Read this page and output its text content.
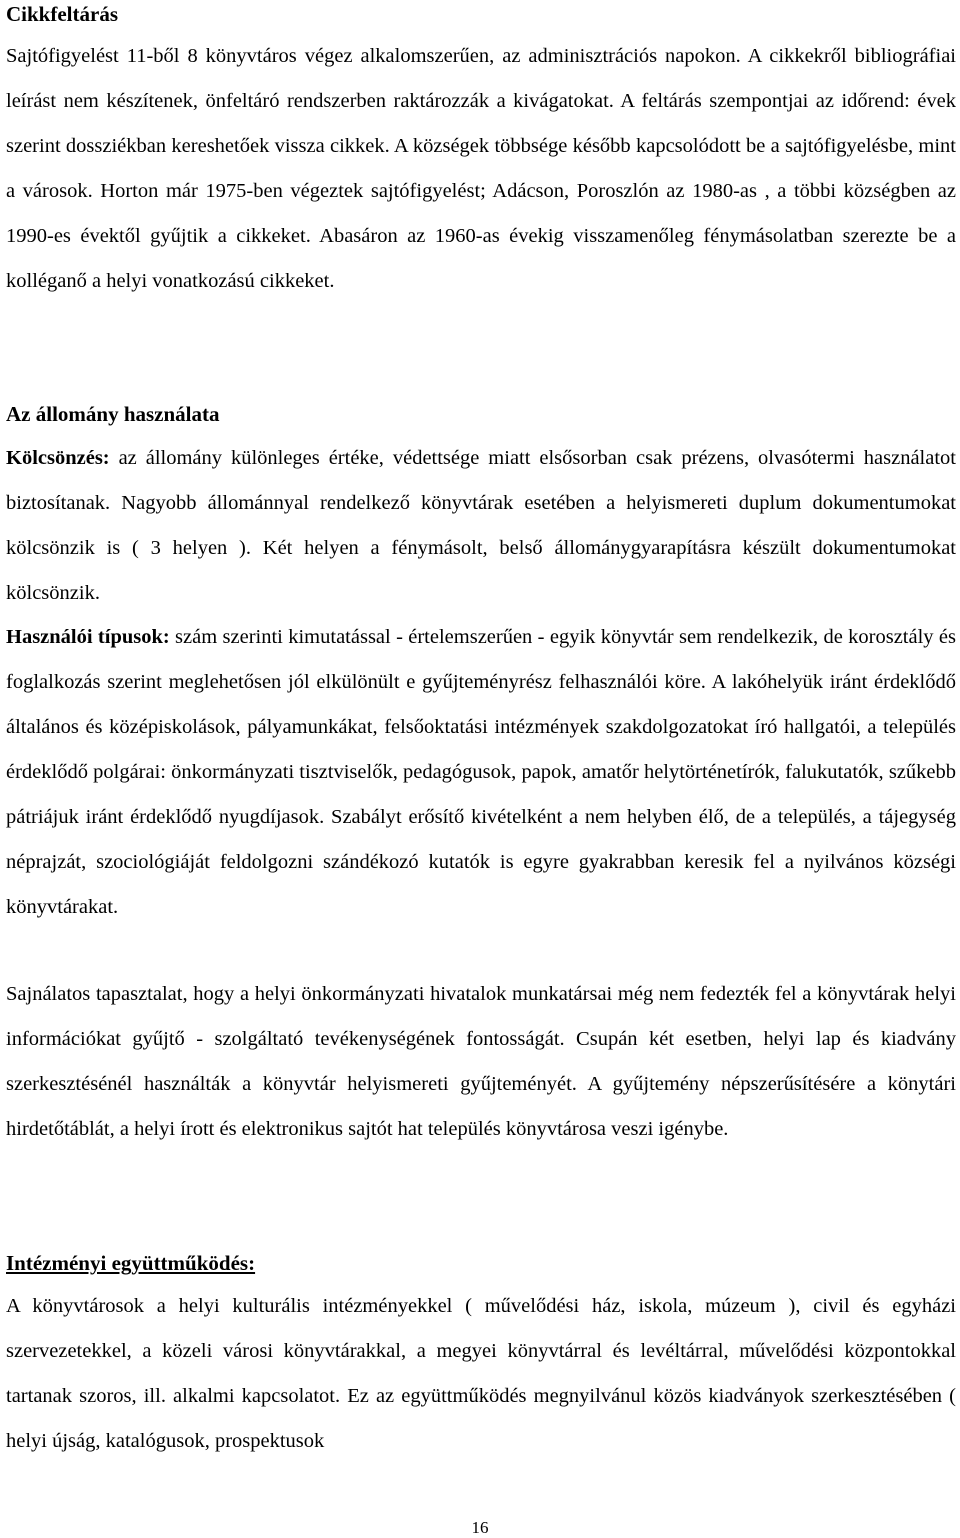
Cikkfeltárás

Sajtófigyelést 11-ből 8 könyvtáros végez alkalomszerűen, az adminisztrációs napokon. A cikkekről bibliográfiai leírást nem készítenek, önfeltáró rendszerben raktározzák a kivágatokat. A feltárás szempontjai az időrend: évek szerint dossziékban kereshetőek vissza cikkek. A községek többsége később kapcsolódott be a sajtófigyelésbe, mint a városok. Horton már 1975-ben végeztek sajtófigyelést; Adácson, Poroszlón az 1980-as , a többi községben az 1990-es évektől gyűjtik a cikkeket. Abasáron az 1960-as évekig visszamenőleg fénymásolatban szerezte be a kolléganő a helyi vonatkozású cikkeket.

Az állomány használata

Kölcsönzés: az állomány különleges értéke, védettsége miatt elsősorban csak prézens, olvasótermi használatot biztosítanak. Nagyobb állománnyal rendelkező könyvtárak esetében a helyismereti duplum dokumentumokat kölcsönzik is ( 3 helyen ). Két helyen a fénymásolt, belső állománygyarapításra készült dokumentumokat kölcsönzik.

Használói típusok: szám szerinti kimutatással - értelemszerűen - egyik könyvtár sem rendelkezik, de korosztály és foglalkozás szerint meglehetősen jól elkülönült e gyűjteményrész felhasználói köre. A lakóhelyük iránt érdeklődő általános és középiskolások, pályamunkákat, felsőoktatási intézmények szakdolgozatokat író hallgatói, a település érdeklődő polgárai: önkormányzati tisztviselők, pedagógusok, papok, amatőr helytörténetírók, falukutatók, szűkebb pátriájuk iránt érdeklődő nyugdíjasok. Szabályt erősítő kivételként a nem helyben élő, de a település, a tájegység néprajzát, szociológiáját feldolgozni szándékozó kutatók is egyre gyakrabban keresik fel a nyilvános községi könyvtárakat.

Sajnálatos tapasztalat, hogy a helyi önkormányzati hivatalok munkatársai még nem fedezték fel a könyvtárak helyi információkat gyűjtő - szolgáltató tevékenységének fontosságát. Csupán két esetben, helyi lap és kiadvány szerkesztésénél használták a könyvtár helyismereti gyűjteményét. A gyűjtemény népszerűsítésére a könytári hirdetőtáblát, a helyi írott és elektronikus sajtót hat település könyvtárosa veszi igénybe.

Intézményi együttműködés:

A könyvtárosok a helyi kulturális intézményekkel ( művelődési ház, iskola, múzeum ), civil és egyházi szervezetekkel, a közeli városi könyvtárakkal, a megyei könyvtárral és levéltárral, művelődési központokkal tartanak szoros, ill. alkalmi kapcsolatot. Ez az együttműködés megnyilvánul közös kiadványok szerkesztésében ( helyi újság, katalógusok, prospektusok

16
